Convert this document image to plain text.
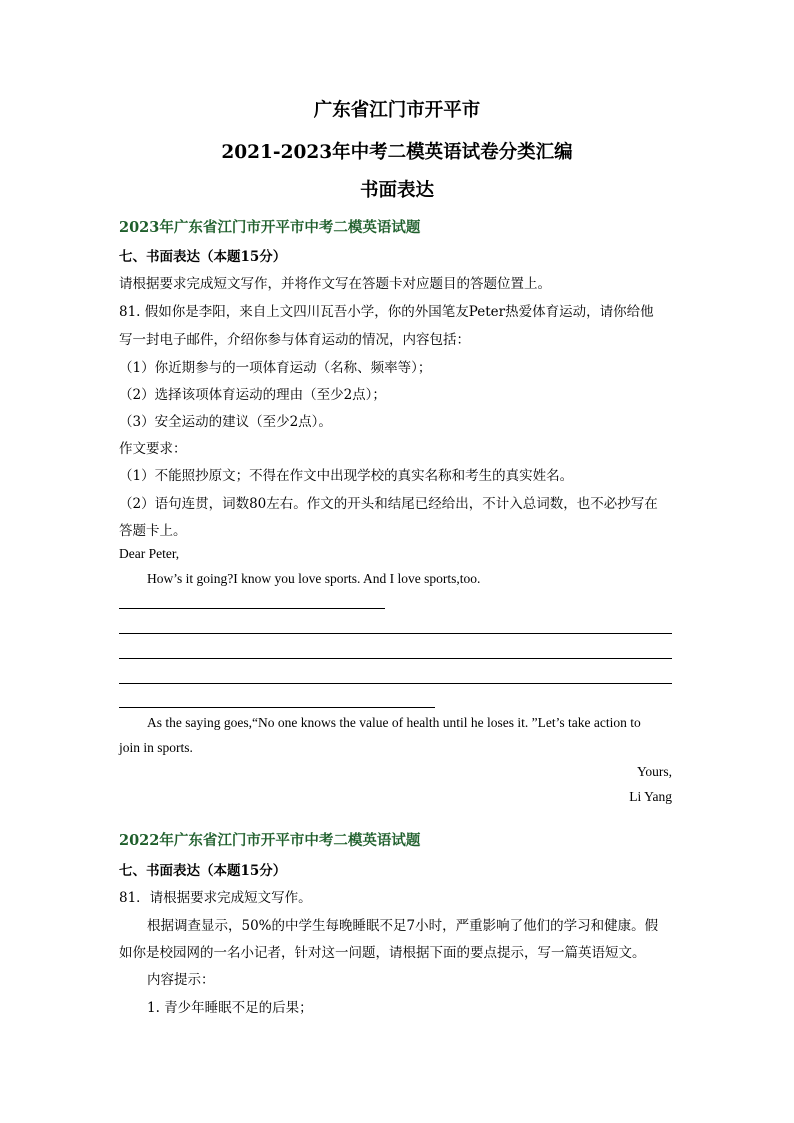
广东省江门市开平市
2021-2023年中考二模英语试卷分类汇编
书面表达
2023年广东省江门市开平市中考二模英语试题
七、书面表达（本题15分）
请根据要求完成短文写作，并将作文写在答题卡对应题目的答题位置上。
81. 假如你是李阳，来自上文四川瓦吾小学，你的外国笔友Peter热爱体育运动，请你给他
写一封电子邮件，介绍你参与体育运动的情况，内容包括：
（1）你近期参与的一项体育运动（名称、频率等）；
（2）选择该项体育运动的理由（至少2点）；
（3）安全运动的建议（至少2点）。
作文要求：
（1）不能照抄原文；不得在作文中出现学校的真实名称和考生的真实姓名。
（2）语句连贯，词数80左右。作文的开头和结尾已经给出，不计入总词数，也不必抄写在
答题卡上。
Dear Peter,
How’s it going?I know you love sports. And I love sports,too.
As the saying goes,“No one knows the value of health until he loses it. ”Let’s take action to
join in sports.
Yours,
Li Yang
2022年广东省江门市开平市中考二模英语试题
七、书面表达（本题15分）
81．请根据要求完成短文写作。
根据调查显示，50%的中学生每晚睡眠不足7小时，严重影响了他们的学习和健康。假
如你是校园网的一名小记者，针对这一问题，请根据下面的要点提示，写一篇英语短文。
内容提示：
1. 青少年睡眠不足的后果；
